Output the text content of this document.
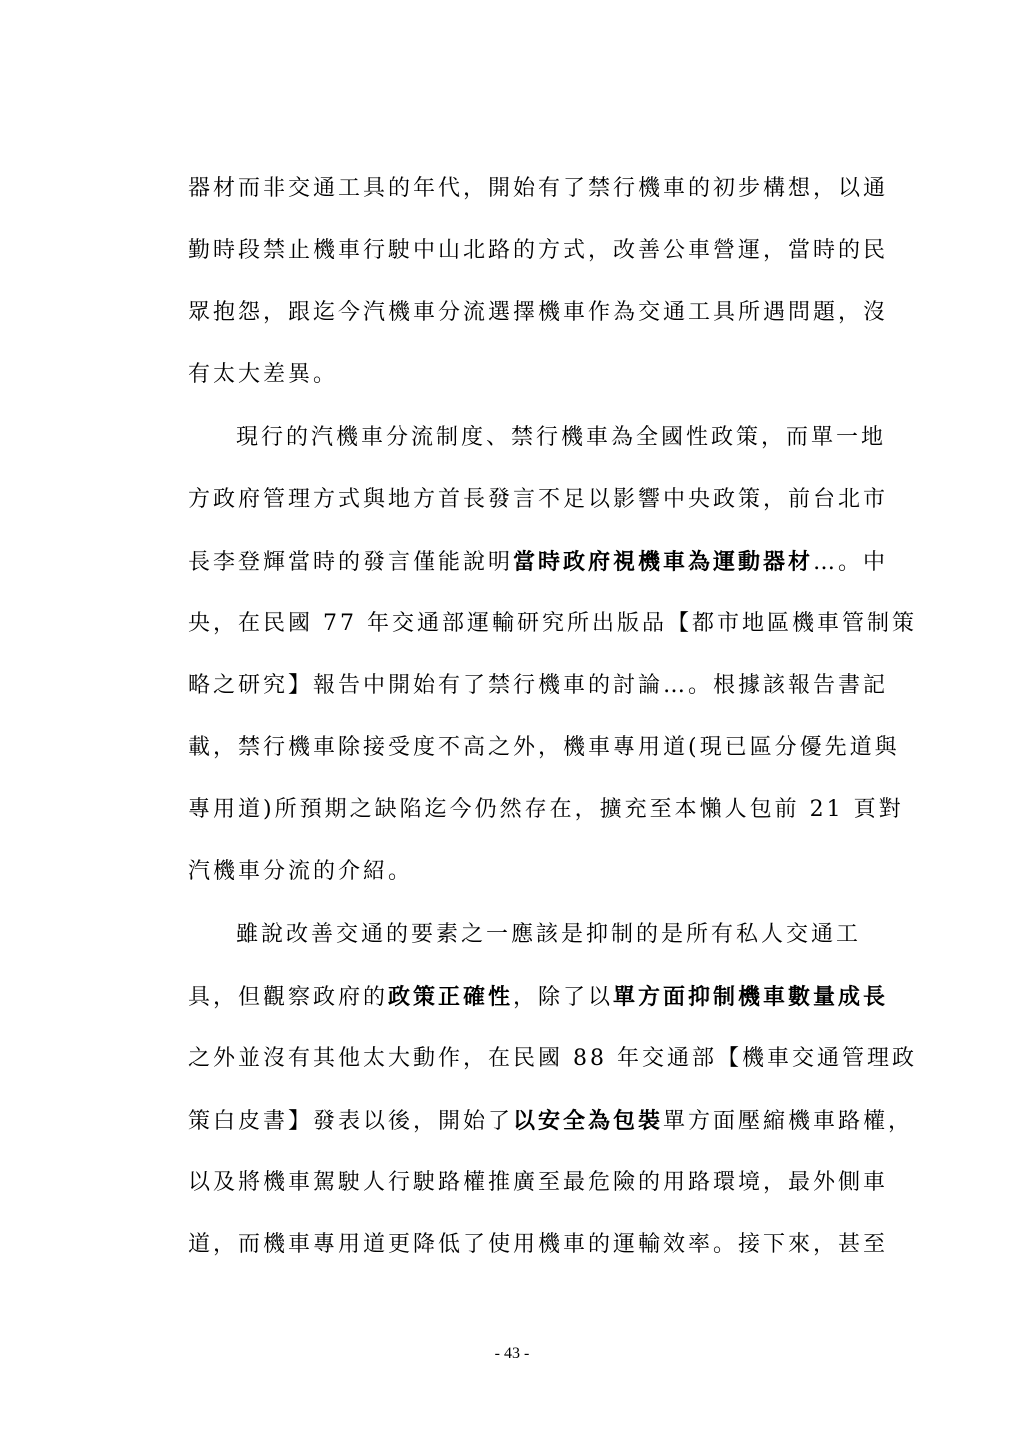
器材而非交通工具的年代，開始有了禁行機車的初步構想，以通
勤時段禁止機車行駛中山北路的方式，改善公車營運，當時的民
眾抱怨，跟迄今汽機車分流選擇機車作為交通工具所遇問題，沒
有太大差異。
現行的汽機車分流制度、禁行機車為全國性政策，而單一地
方政府管理方式與地方首長發言不足以影響中央政策，前台北市
長李登輝當時的發言僅能說明當時政府視機車為運動器材…。中
央，在民國 77 年交通部運輸研究所出版品【都市地區機車管制策
略之研究】報告中開始有了禁行機車的討論…。根據該報告書記
載，禁行機車除接受度不高之外，機車專用道(現已區分優先道與
專用道)所預期之缺陷迄今仍然存在，擴充至本懶人包前 21 頁對
汽機車分流的介紹。
雖說改善交通的要素之一應該是抑制的是所有私人交通工
具，但觀察政府的政策正確性，除了以單方面抑制機車數量成長
之外並沒有其他太大動作，在民國 88 年交通部【機車交通管理政
策白皮書】發表以後，開始了以安全為包裝單方面壓縮機車路權，
以及將機車駕駛人行駛路權推廣至最危險的用路環境，最外側車
道，而機車專用道更降低了使用機車的運輸效率。接下來，甚至
- 43 -
